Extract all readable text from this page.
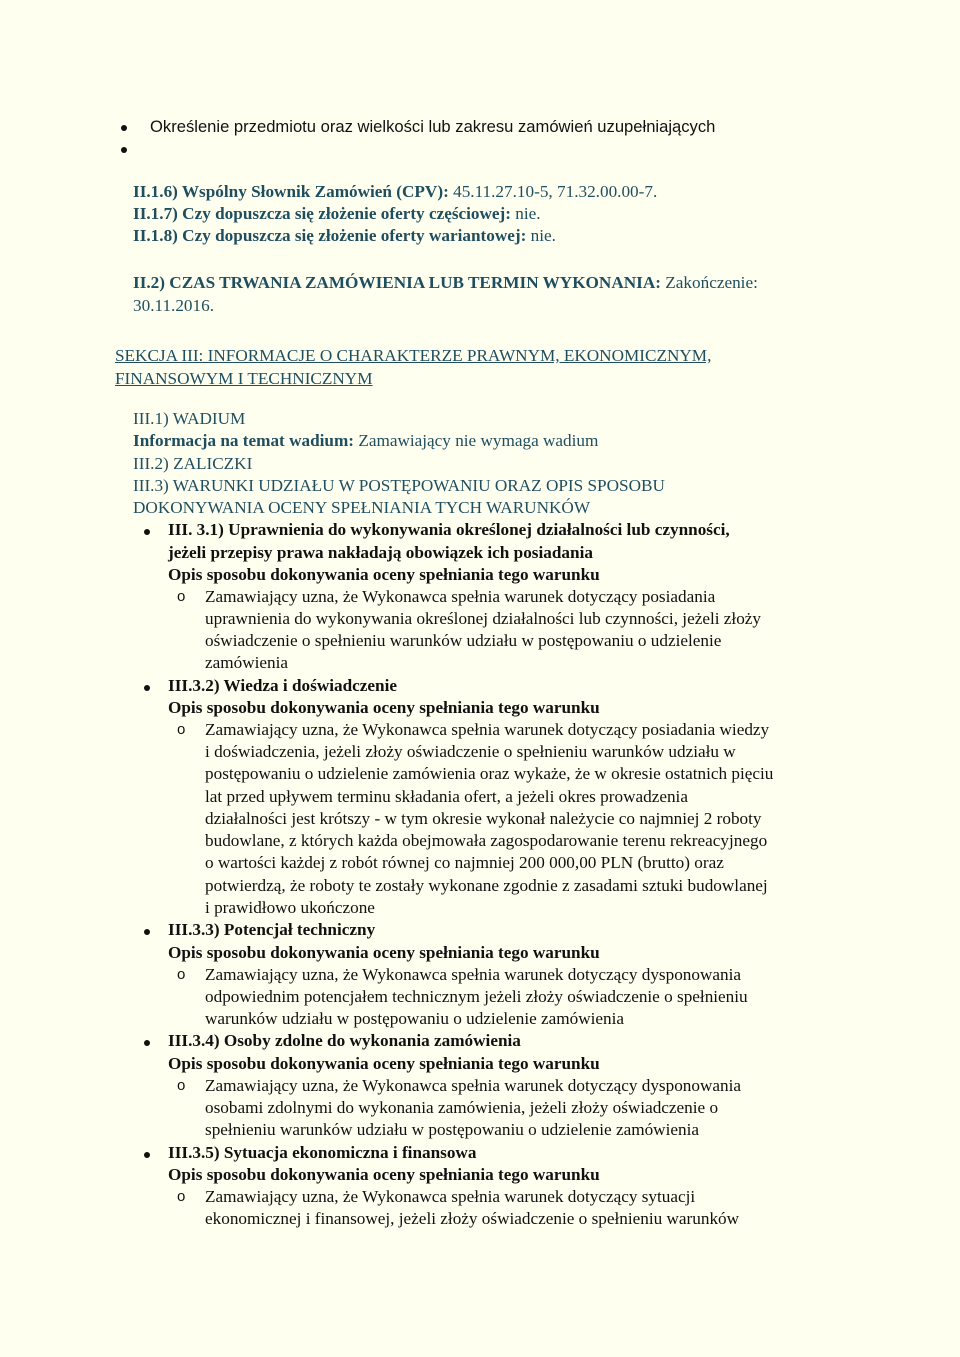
Określenie przedmiotu oraz wielkości lub zakresu zamówień uzupełniających
II.1.6) Wspólny Słownik Zamówień (CPV): 45.11.27.10-5, 71.32.00.00-7.
II.1.7) Czy dopuszcza się złożenie oferty częściowej: nie.
II.1.8) Czy dopuszcza się złożenie oferty wariantowej: nie.
II.2) CZAS TRWANIA ZAMÓWIENIA LUB TERMIN WYKONANIA: Zakończenie:
30.11.2016.
SEKCJA III: INFORMACJE O CHARAKTERZE PRAWNYM, EKONOMICZNYM,
FINANSOWYM I TECHNICZNYM
III.1) WADIUM
Informacja na temat wadium: Zamawiający nie wymaga wadium
III.2) ZALICZKI
III.3) WARUNKI UDZIAŁU W POSTĘPOWANIU ORAZ OPIS SPOSOBU
DOKONYWANIA OCENY SPEŁNIANIA TYCH WARUNKÓW
III. 3.1) Uprawnienia do wykonywania określonej działalności lub czynności,
jeżeli przepisy prawa nakładają obowiązek ich posiadania
Opis sposobu dokonywania oceny spełniania tego warunku
o Zamawiający uzna, że Wykonawca spełnia warunek dotyczący posiadania
uprawnienia do wykonywania określonej działalności lub czynności, jeżeli złoży
oświadczenie o spełnieniu warunków udziału w postępowaniu o udzielenie
zamówienia
III.3.2) Wiedza i doświadczenie
Opis sposobu dokonywania oceny spełniania tego warunku
o Zamawiający uzna, że Wykonawca spełnia warunek dotyczący posiadania wiedzy
i doświadczenia, jeżeli złoży oświadczenie o spełnieniu warunków udziału w
postępowaniu o udzielenie zamówienia oraz wykaże, że w okresie ostatnich pięciu
lat przed upływem terminu składania ofert, a jeżeli okres prowadzenia
działalności jest krótszy - w tym okresie wykonał należycie co najmniej 2 roboty
budowlane, z których każda obejmowała zagospodarowanie terenu rekreacyjnego
o wartości każdej z robót równej co najmniej 200 000,00 PLN (brutto) oraz
potwierdzą, że roboty te zostały wykonane zgodnie z zasadami sztuki budowlanej
i prawidłowo ukończone
III.3.3) Potencjał techniczny
Opis sposobu dokonywania oceny spełniania tego warunku
o Zamawiający uzna, że Wykonawca spełnia warunek dotyczący dysponowania
odpowiednim potencjałem technicznym jeżeli złoży oświadczenie o spełnieniu
warunków udziału w postępowaniu o udzielenie zamówienia
III.3.4) Osoby zdolne do wykonania zamówienia
Opis sposobu dokonywania oceny spełniania tego warunku
o Zamawiający uzna, że Wykonawca spełnia warunek dotyczący dysponowania
osobami zdolnymi do wykonania zamówienia, jeżeli złoży oświadczenie o
spełnieniu warunków udziału w postępowaniu o udzielenie zamówienia
III.3.5) Sytuacja ekonomiczna i finansowa
Opis sposobu dokonywania oceny spełniania tego warunku
o Zamawiający uzna, że Wykonawca spełnia warunek dotyczący sytuacji
ekonomicznej i finansowej, jeżeli złoży oświadczenie o spełnieniu warunków
